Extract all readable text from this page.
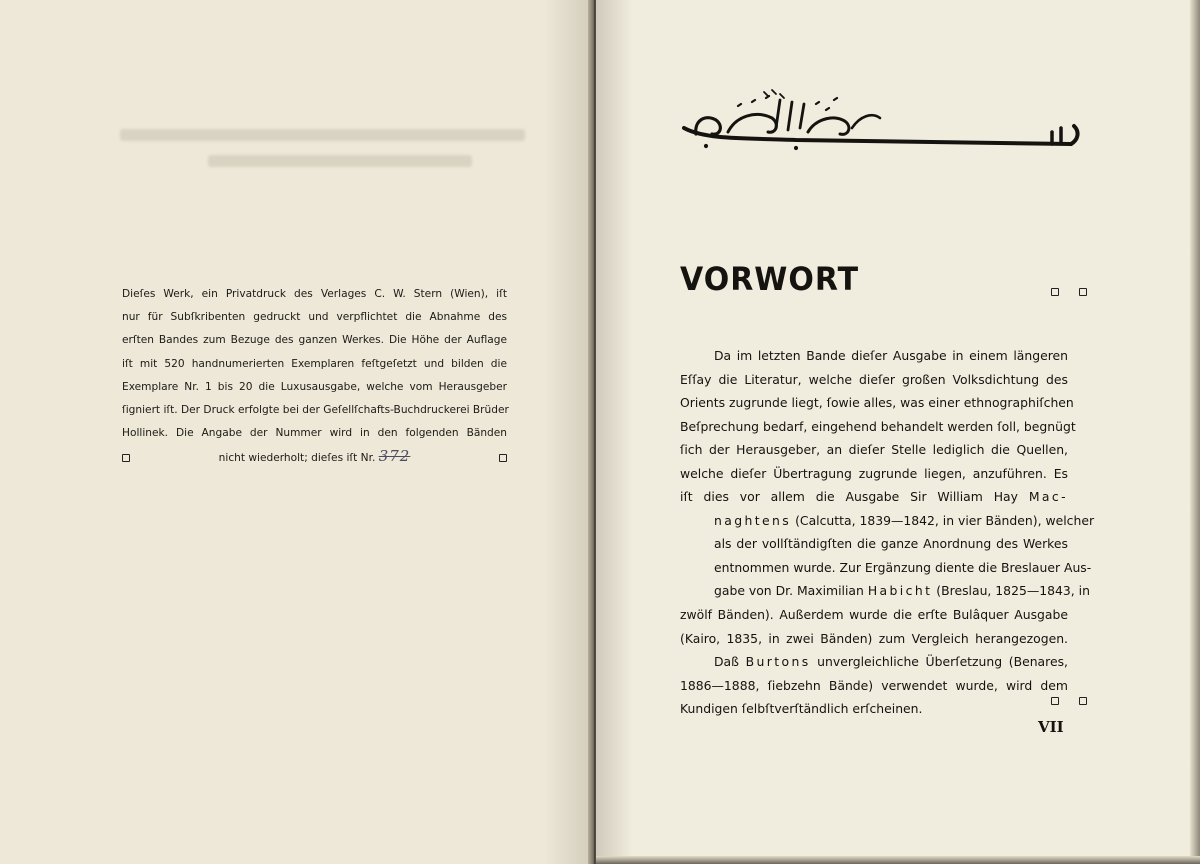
Dieſes Werk, ein Privatdruck des Verlages C. W. Stern (Wien), iſt
nur für Subſkribenten gedruckt und verpflichtet die Abnahme des
erſten Bandes zum Bezuge des ganzen Werkes. Die Höhe der Auflage
iſt mit 520 handnumerierten Exemplaren feſtgeſetzt und bilden die
Exemplare Nr. 1 bis 20 die Luxusausgabe, welche vom Herausgeber
ſigniert iſt. Der Druck erfolgte bei der Geſellſchafts-Buchdruckerei Brüder
Hollinek. Die Angabe der Nummer wird in den folgenden Bänden
nicht wiederholt; dieſes iſt Nr. 372
VORWORT

Da im letzten Bande dieſer Ausgabe in einem längeren
Eſſay die Literatur, welche dieſer großen Volksdichtung des
Orients zugrunde liegt, ſowie alles, was einer ethnographiſchen
Beſprechung bedarf, eingehend behandelt werden ſoll, begnügt
ſich der Herausgeber, an dieſer Stelle lediglich die Quellen,
welche dieſer Übertragung zugrunde liegen, anzuführen. Es
iſt dies vor allem die Ausgabe Sir William Hay Mac-
naghtens (Calcutta, 1839—1842, in vier Bänden), welcher
als der vollſtändigſten die ganze Anordnung des Werkes
entnommen wurde. Zur Ergänzung diente die Breslauer Aus-
gabe von Dr. Maximilian Habicht (Breslau, 1825—1843, in
zwölf Bänden). Außerdem wurde die erſte Bulâquer Ausgabe
(Kairo, 1835, in zwei Bänden) zum Vergleich herangezogen.
Daß Burtons unvergleichliche Überſetzung (Benares,
1886—1888, ſiebzehn Bände) verwendet wurde, wird dem
Kundigen ſelbſtverſtändlich erſcheinen.

VII
